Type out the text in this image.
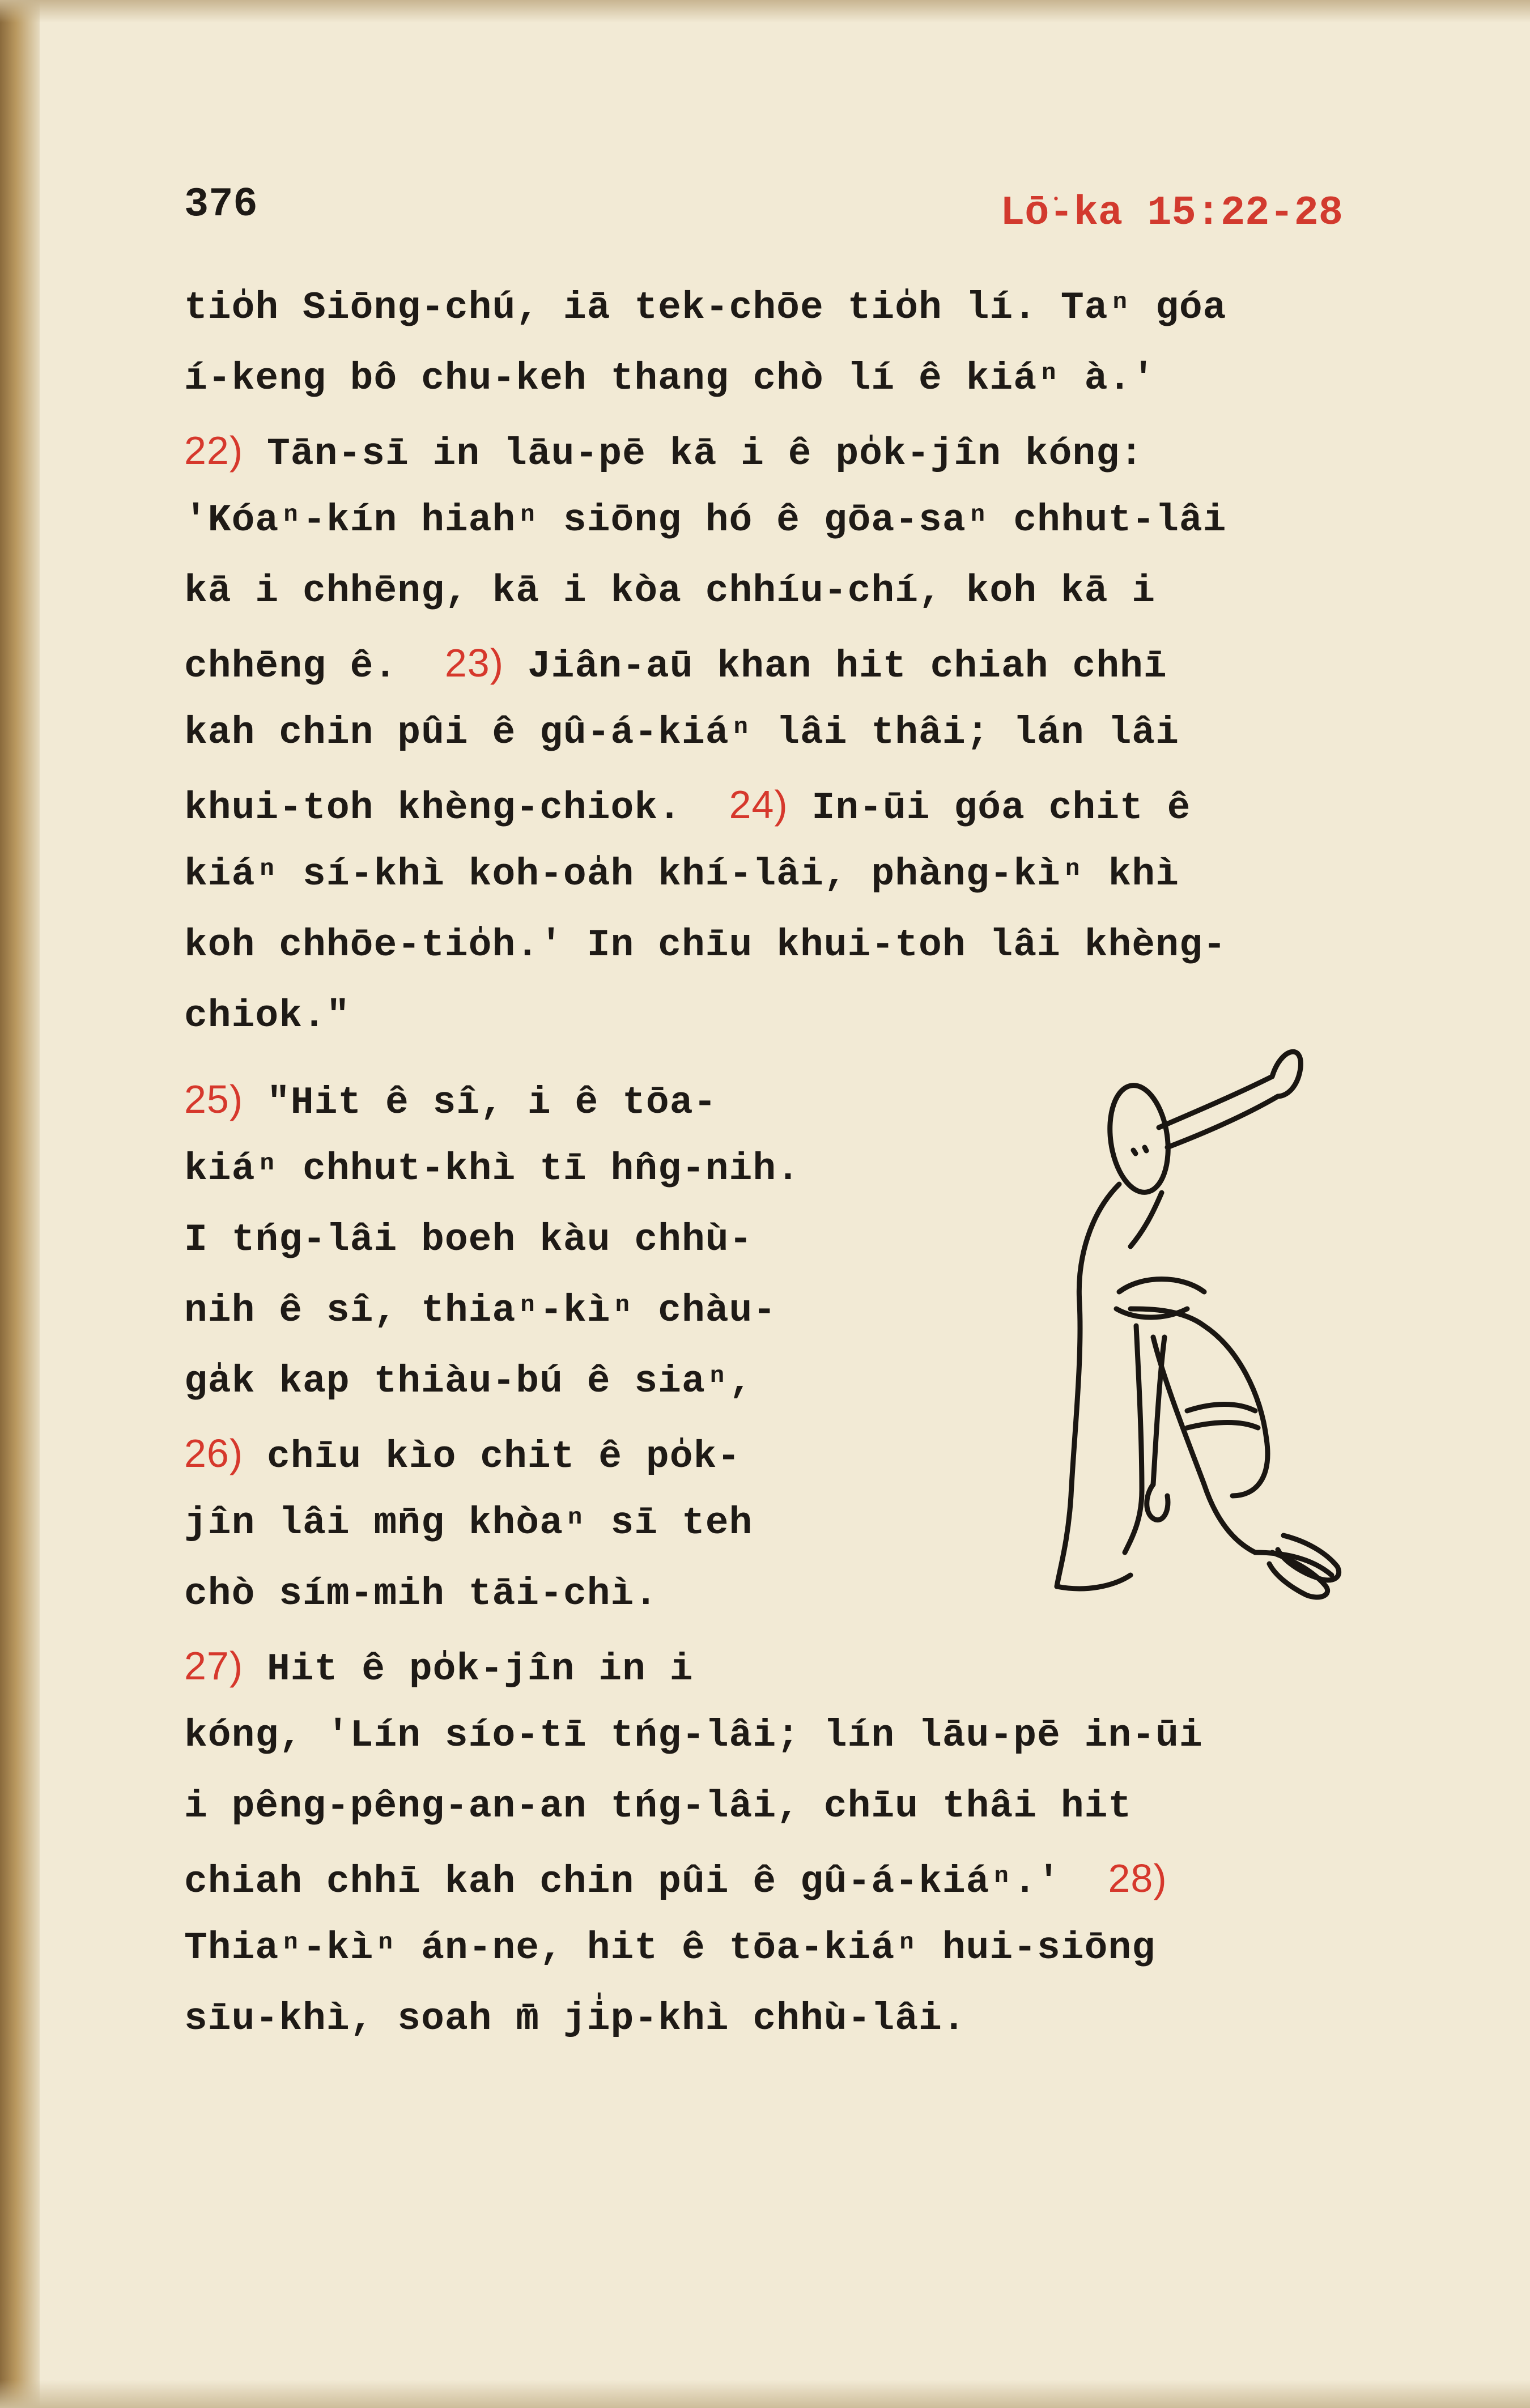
376	Lō͘-ka 15:22-28
tio̍h Siōng-chú, iā tek-chōe tio̍h lí. Taⁿ góa
í-keng bô chu-keh thang chò lí ê kiáⁿ à.'
22) Tān-sī in lāu-pē kā i ê po̍k-jîn kóng:
'Kóaⁿ-kín hiahⁿ siōng hó ê gōa-saⁿ chhut-lâi
kā i chhēng, kā i kòa chhíu-chí, koh kā i
chhēng ê.  23) Jiân-aū khan hit chiah chhī
kah chin pûi ê gû-á-kiáⁿ lâi thâi; lán lâi
khui-toh khèng-chiok.  24) In-ūi góa chit ê
kiáⁿ sí-khì koh-oa̍h khí-lâi, phàng-kìⁿ khì
koh chhōe-tio̍h.' In chīu khui-toh lâi khèng-
chiok."
25) "Hit ê sî, i ê tōa-
kiáⁿ chhut-khì tī hn̂g-nih.
I tńg-lâi boeh kàu chhù-
nih ê sî, thiaⁿ-kìⁿ chàu-
ga̍k kap thiàu-bú ê siaⁿ,
26) chīu kìo chit ê po̍k-
jîn lâi mn̄g khòaⁿ sī teh
chò sím-mih tāi-chì.
27) Hit ê po̍k-jîn in i
kóng, 'Lín sío-tī tńg-lâi; lín lāu-pē in-ūi
i pêng-pêng-an-an tńg-lâi, chīu thâi hit
chiah chhī kah chin pûi ê gû-á-kiáⁿ.'  28)
Thiaⁿ-kìⁿ án-ne, hit ê tōa-kiáⁿ hui-siōng
sīu-khì, soah m̄ ji̍p-khì chhù-lâi.
